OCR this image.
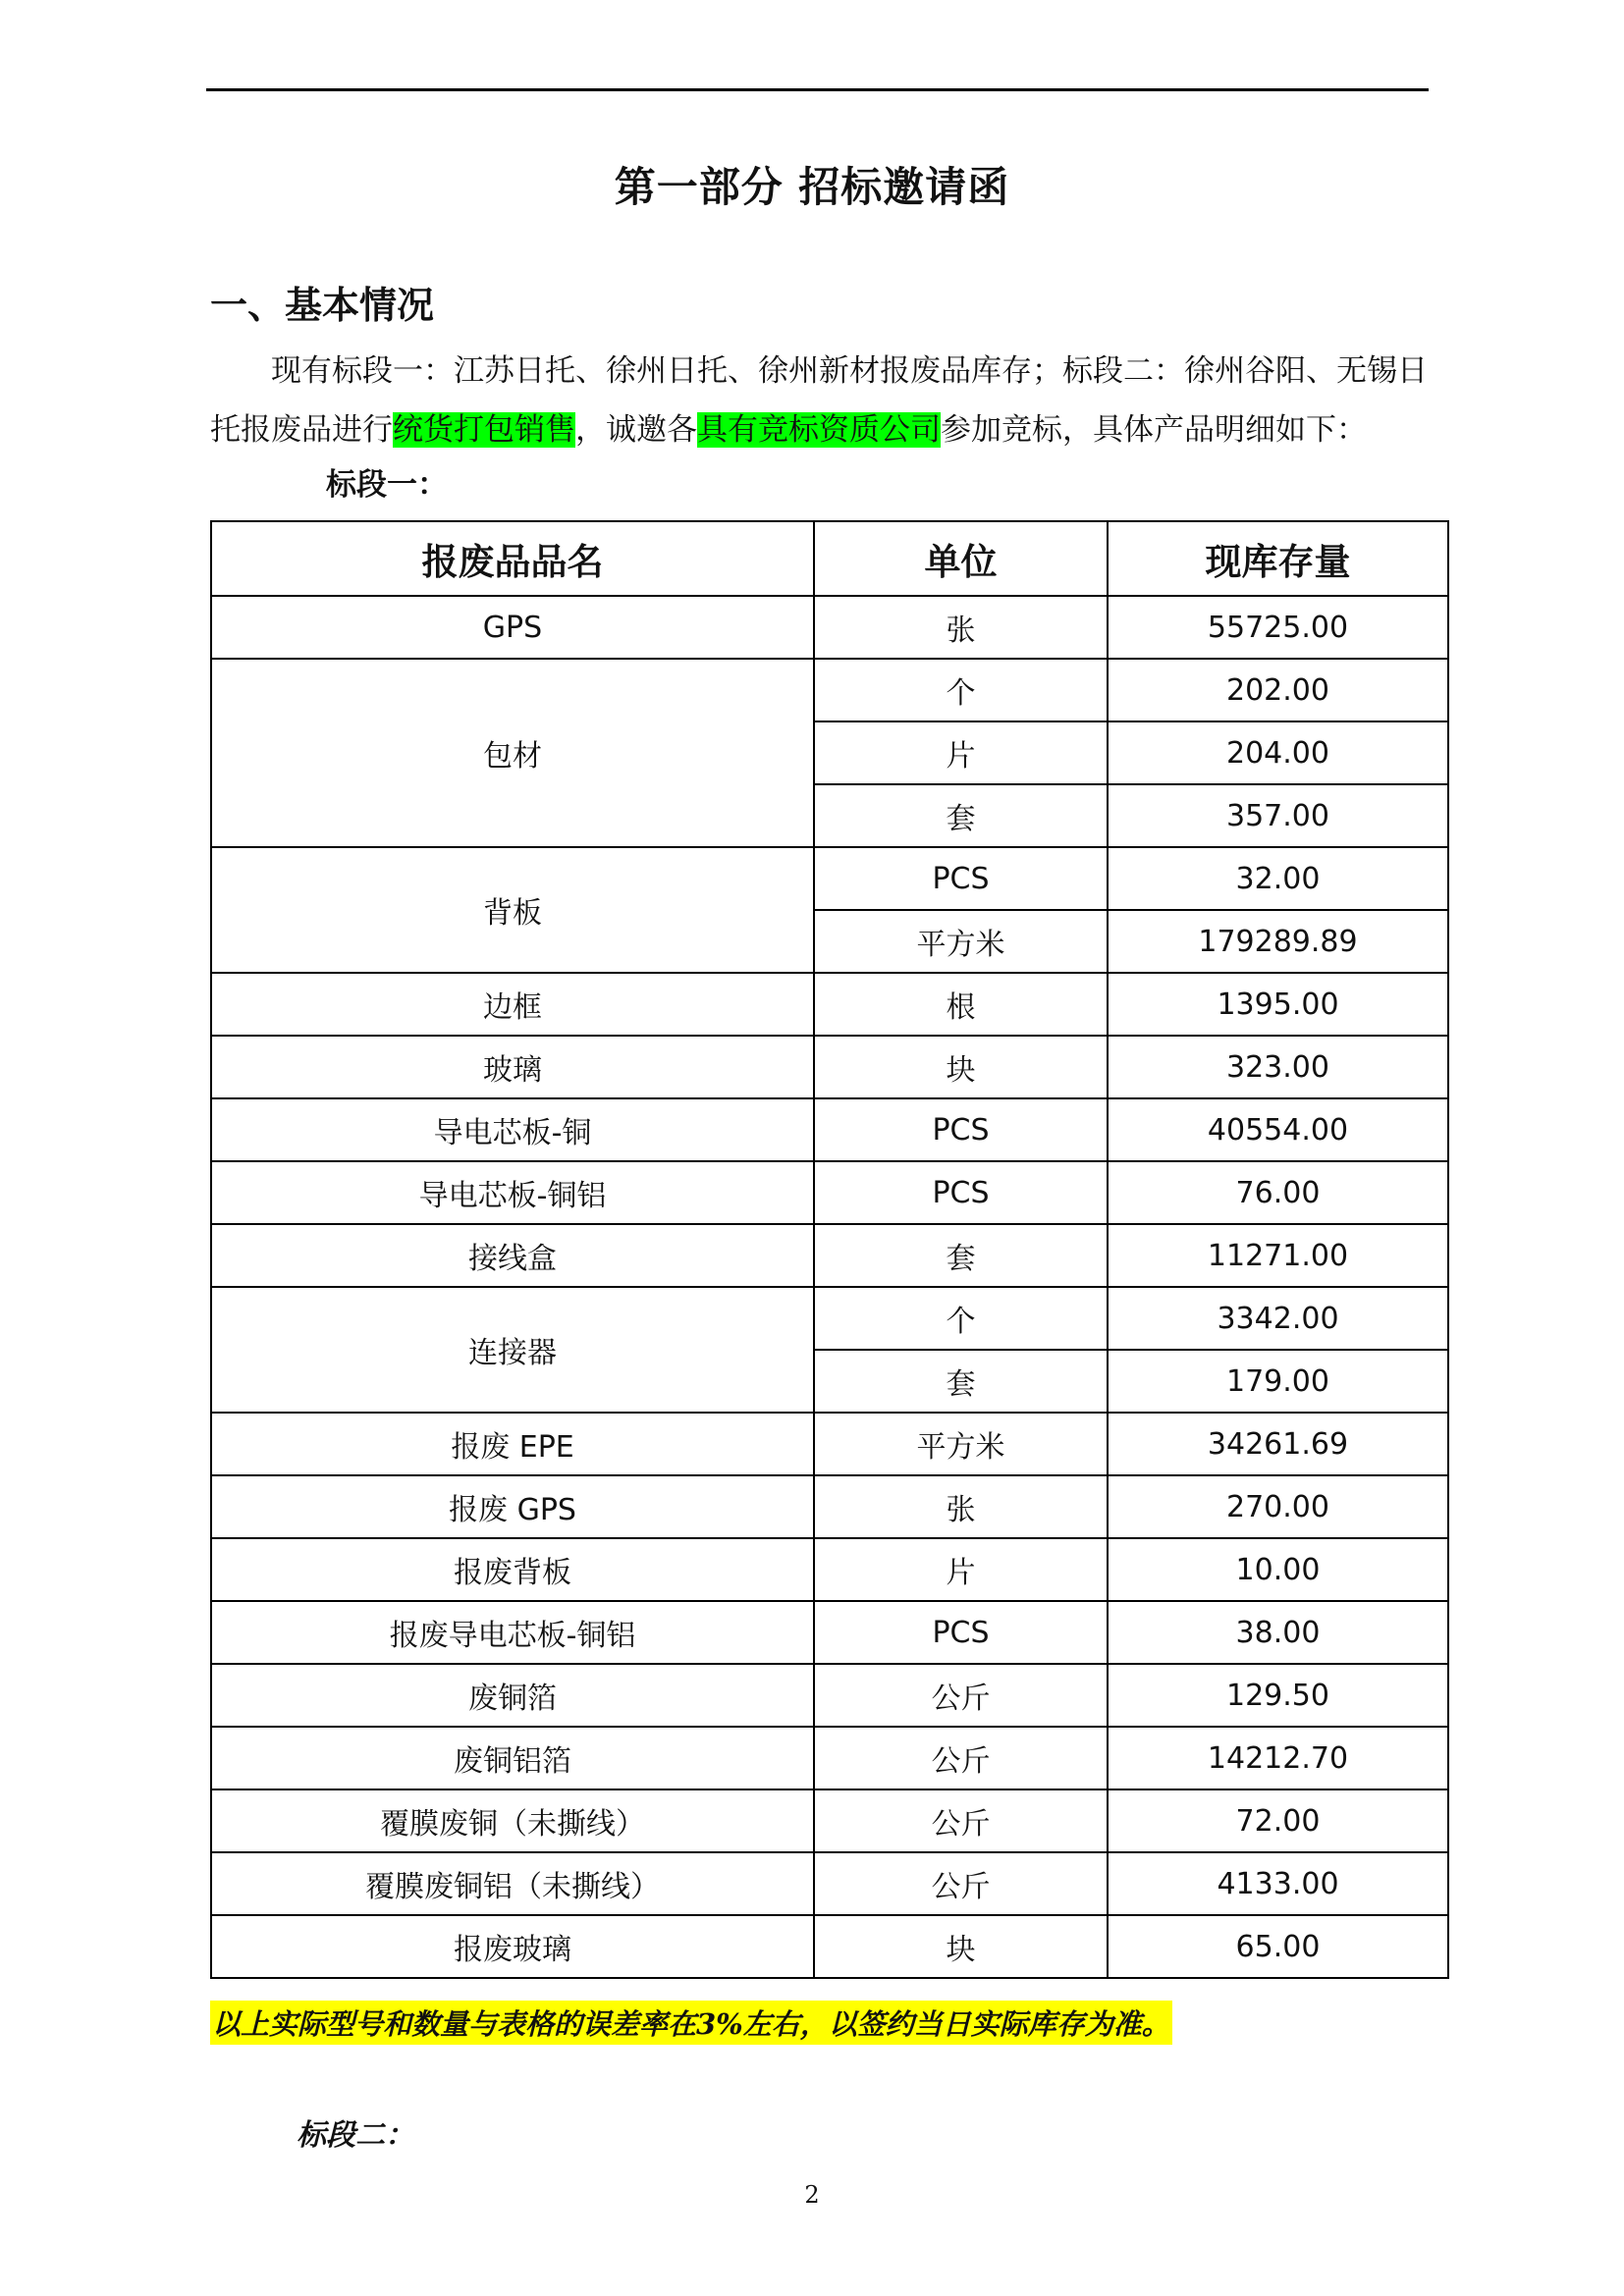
第一部分 招标邀请函
一、基本情况
现有标段一：江苏日托、徐州日托、徐州新材报废品库存；标段二：徐州谷阳、无锡日托报废品进行统货打包销售，诚邀各具有竞标资质公司参加竞标，具体产品明细如下：
标段一：
报废品品名	单位	现库存量
GPS	张	55725.00
包材	个	202.00
	片	204.00
	套	357.00
背板	PCS	32.00
	平方米	179289.89
边框	根	1395.00
玻璃	块	323.00
导电芯板-铜	PCS	40554.00
导电芯板-铜铝	PCS	76.00
接线盒	套	11271.00
连接器	个	3342.00
	套	179.00
报废 EPE	平方米	34261.69
报废 GPS	张	270.00
报废背板	片	10.00
报废导电芯板-铜铝	PCS	38.00
废铜箔	公斤	129.50
废铜铝箔	公斤	14212.70
覆膜废铜（未撕线）	公斤	72.00
覆膜废铜铝（未撕线）	公斤	4133.00
报废玻璃	块	65.00
以上实际型号和数量与表格的误差率在3%左右，以签约当日实际库存为准。
标段二：
2
